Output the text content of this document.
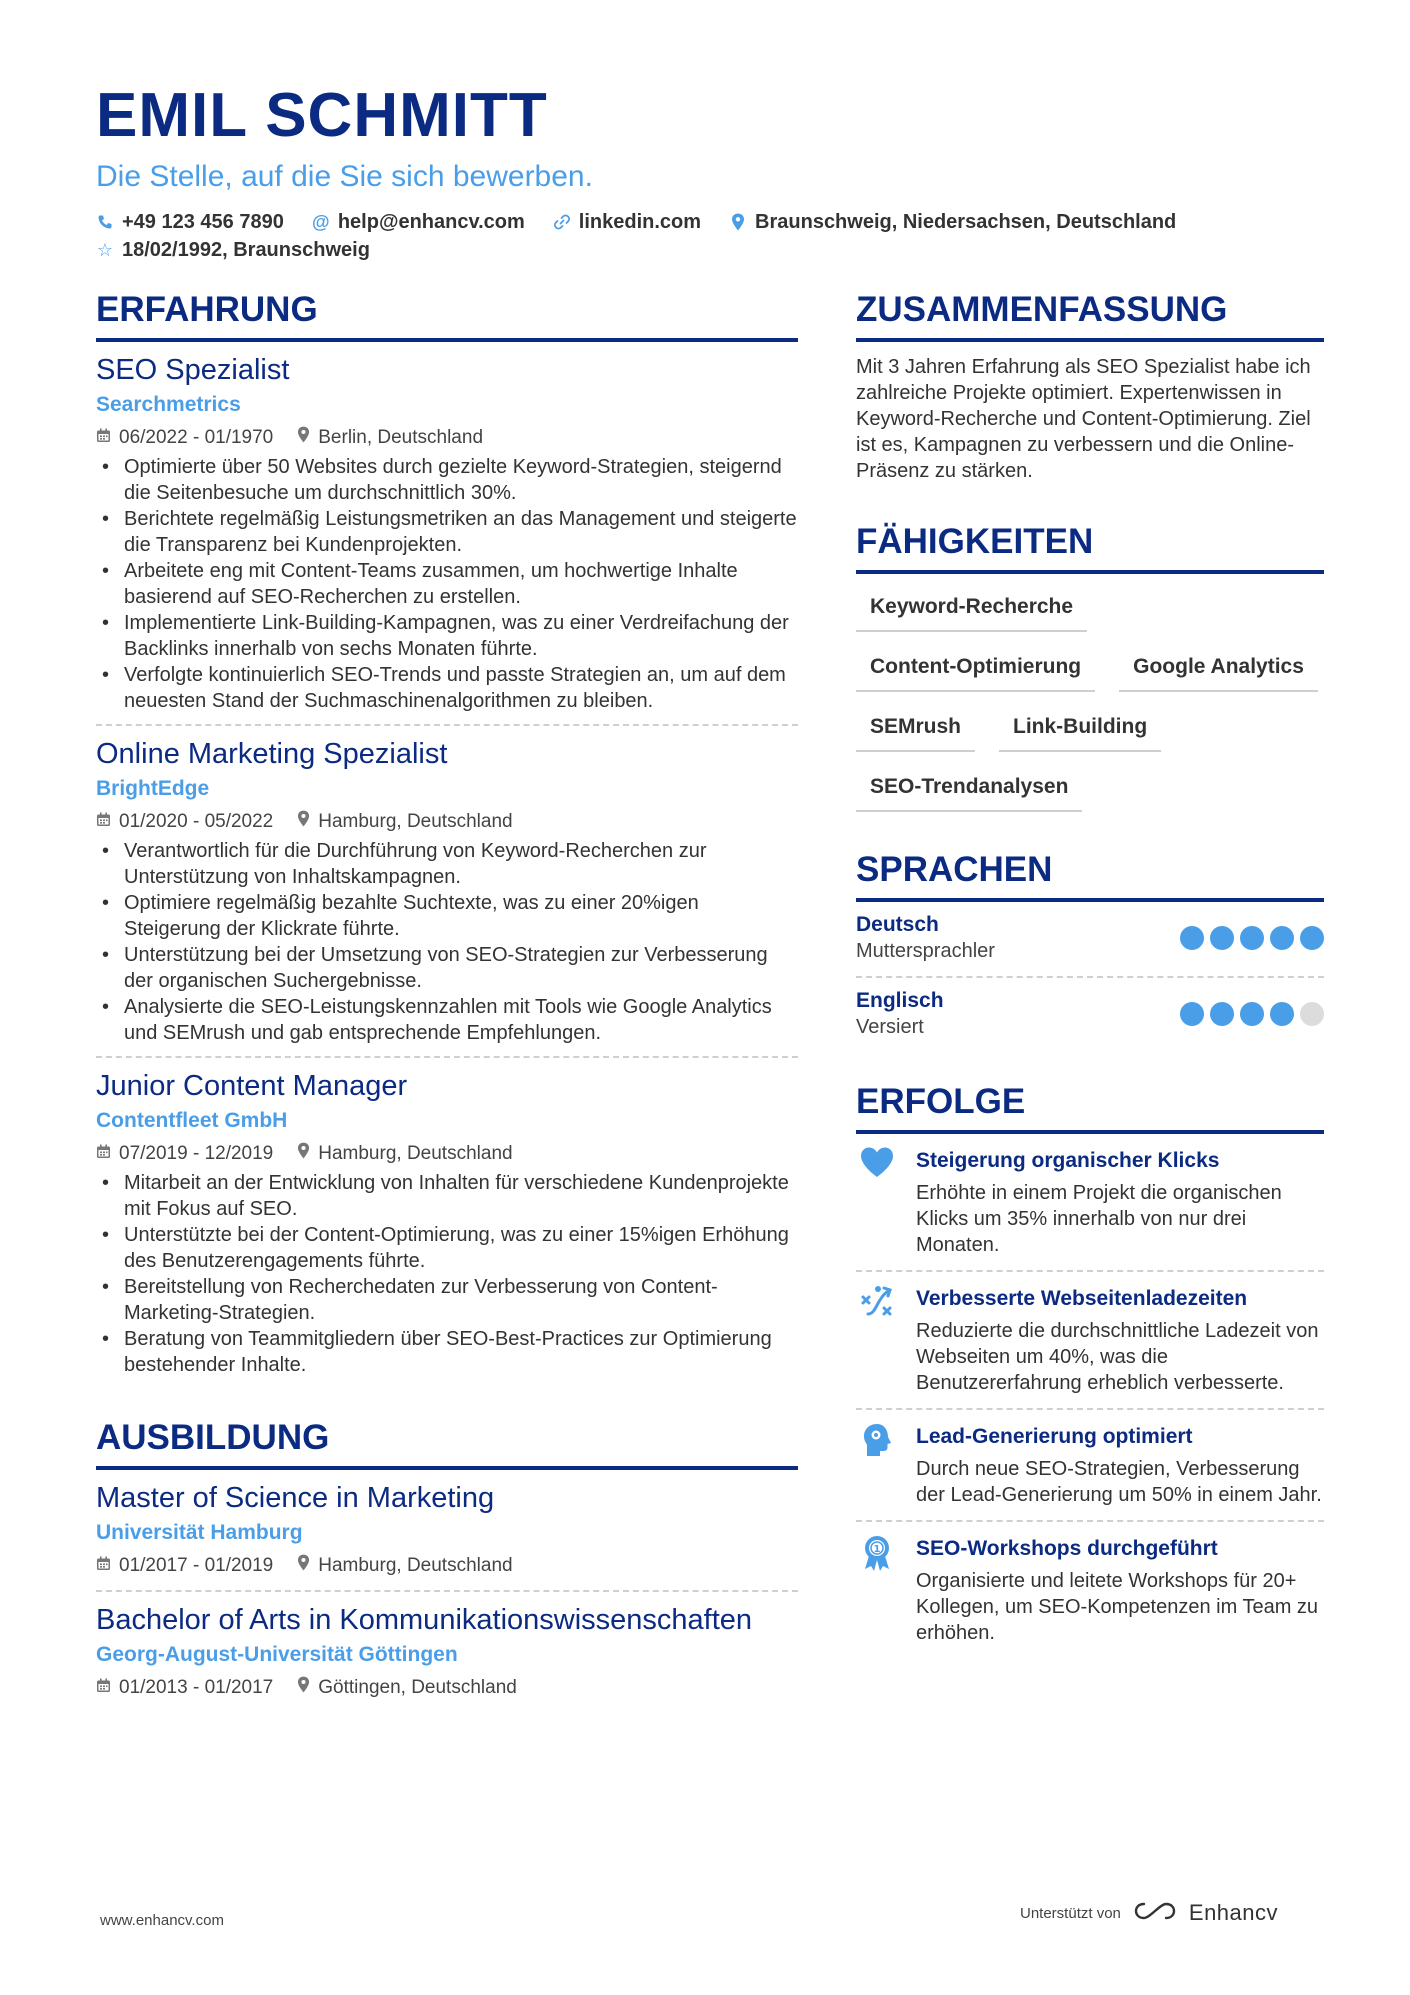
EMIL SCHMITT
Die Stelle, auf die Sie sich bewerben.
+49 123 456 7890 @ help@enhancv.com	linkedin.com	Braunschweig, Niedersachsen, Deutschland
☆ 18/02/1992, Braunschweig
ERFAHRUNG
SEO Spezialist
Searchmetrics
06/2022 - 01/1970 Berlin, Deutschland
• Optimierte über 50 Websites durch gezielte Keyword-Strategien, steigernd die Seitenbesuche um durchschnittlich 30%.
• Berichtete regelmäßig Leistungsmetriken an das Management und steigerte die Transparenz bei Kundenprojekten.
• Arbeitete eng mit Content-Teams zusammen, um hochwertige Inhalte basierend auf SEO-Recherchen zu erstellen.
• Implementierte Link-Building-Kampagnen, was zu einer Verdreifachung der Backlinks innerhalb von sechs Monaten führte.
• Verfolgte kontinuierlich SEO-Trends und passte Strategien an, um auf dem neuesten Stand der Suchmaschinenalgorithmen zu bleiben.
Online Marketing Spezialist
BrightEdge
01/2020 - 05/2022 Hamburg, Deutschland
• Verantwortlich für die Durchführung von Keyword-Recherchen zur Unterstützung von Inhaltskampagnen.
• Optimiere regelmäßig bezahlte Suchtexte, was zu einer 20%igen Steigerung der Klickrate führte.
• Unterstützung bei der Umsetzung von SEO-Strategien zur Verbesserung der organischen Suchergebnisse.
• Analysierte die SEO-Leistungskennzahlen mit Tools wie Google Analytics und SEMrush und gab entsprechende Empfehlungen.
Junior Content Manager
Contentfleet GmbH
07/2019 - 12/2019 Hamburg, Deutschland
• Mitarbeit an der Entwicklung von Inhalten für verschiedene Kundenprojekte mit Fokus auf SEO.
• Unterstützte bei der Content-Optimierung, was zu einer 15%igen Erhöhung des Benutzerengagements führte.
• Bereitstellung von Recherchedaten zur Verbesserung von Content-Marketing-Strategien.
• Beratung von Teammitgliedern über SEO-Best-Practices zur Optimierung bestehender Inhalte.
AUSBILDUNG
Master of Science in Marketing
Universität Hamburg
01/2017 - 01/2019 Hamburg, Deutschland
Bachelor of Arts in Kommunikationswissenschaften
Georg-August-Universität Göttingen
01/2013 - 01/2017 Göttingen, Deutschland
ZUSAMMENFASSUNG
Mit 3 Jahren Erfahrung als SEO Spezialist habe ich zahlreiche Projekte optimiert. Expertenwissen in Keyword-Recherche und Content-Optimierung. Ziel ist es, Kampagnen zu verbessern und die Online-Präsenz zu stärken.
FÄHIGKEITEN
Keyword-Recherche
Content-Optimierung	Google Analytics
SEMrush	Link-Building
SEO-Trendanalysen
SPRACHEN
Deutsch
Muttersprachler
Englisch
Versiert
ERFOLGE
Steigerung organischer Klicks
Erhöhte in einem Projekt die organischen Klicks um 35% innerhalb von nur drei Monaten.
Verbesserte Webseitenladezeiten
Reduzierte die durchschnittliche Ladezeit von Webseiten um 40%, was die Benutzererfahrung erheblich verbesserte.
Lead-Generierung optimiert
Durch neue SEO-Strategien, Verbesserung der Lead-Generierung um 50% in einem Jahr.
1 SEO-Workshops durchgeführt
Organisierte und leitete Workshops für 20+ Kollegen, um SEO-Kompetenzen im Team zu erhöhen.
www.enhancv.com	Unterstützt von	Enhancv
